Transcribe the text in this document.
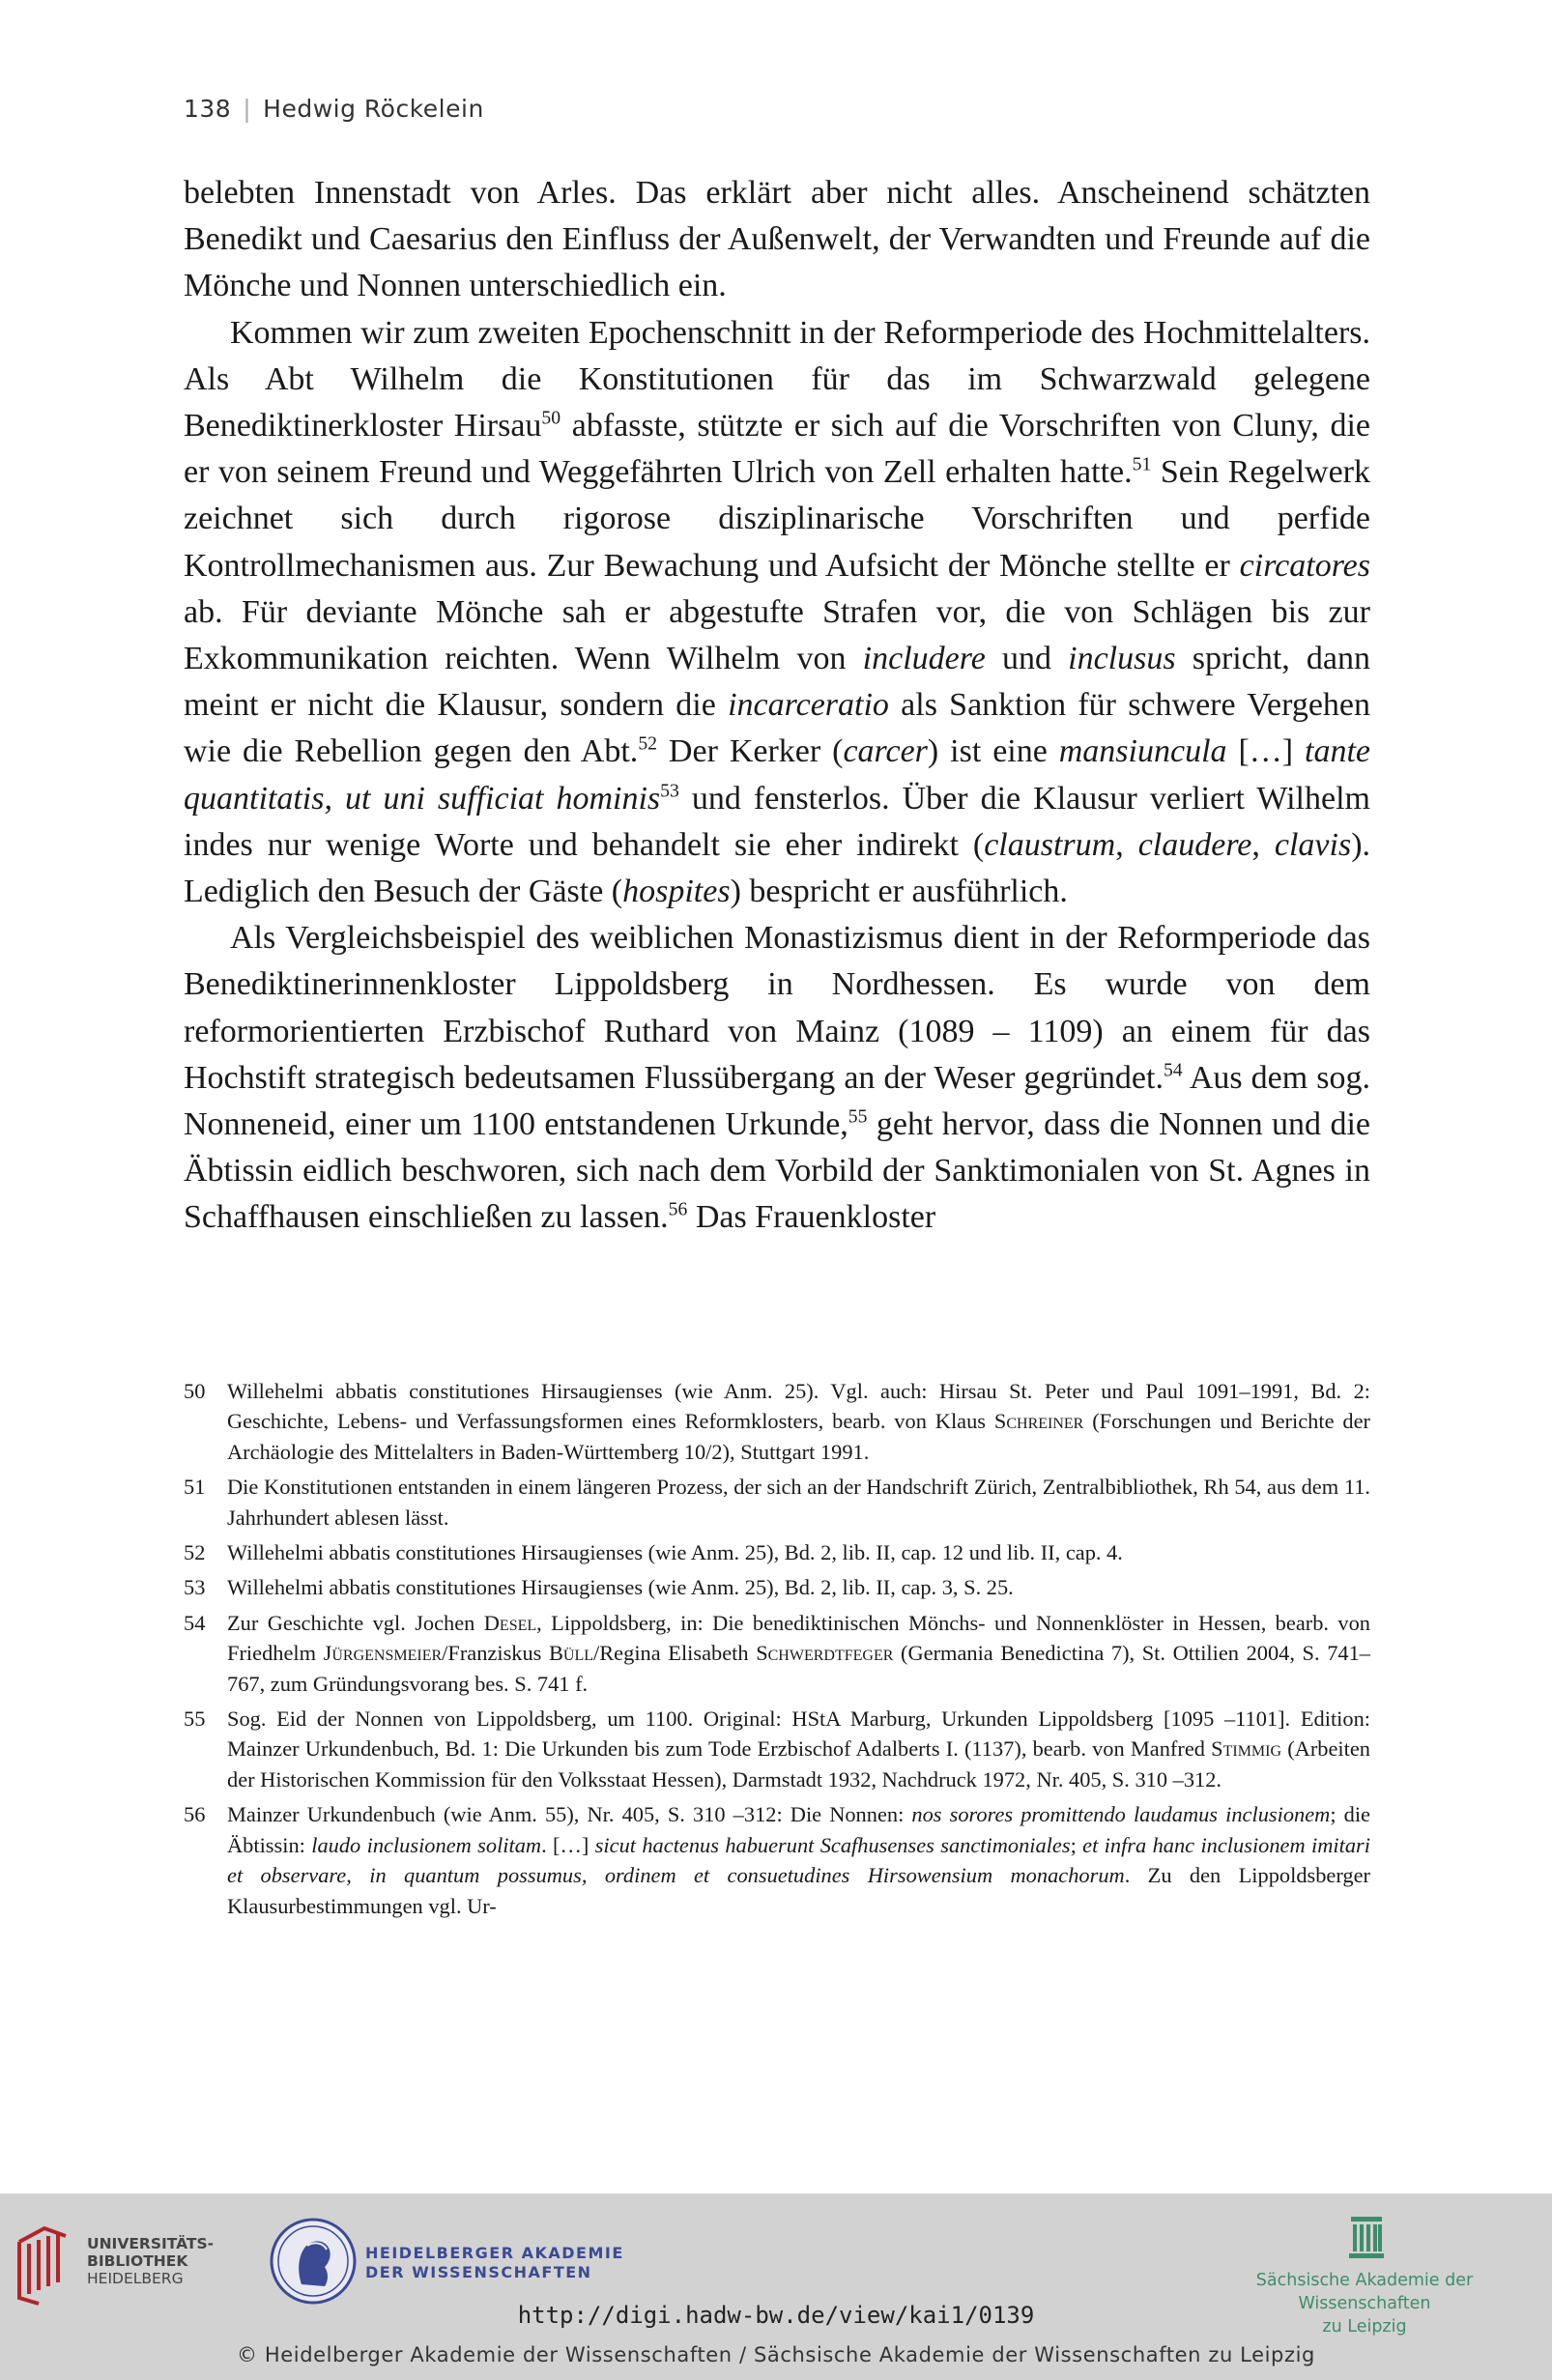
138 | Hedwig Röckelein

belebten Innenstadt von Arles. Das erklärt aber nicht alles. Anscheinend schätzten Benedikt und Caesarius den Einfluss der Außenwelt, der Verwandten und Freunde auf die Mönche und Nonnen unterschiedlich ein.

Kommen wir zum zweiten Epochenschnitt in der Reformperiode des Hochmittelalters. Als Abt Wilhelm die Konstitutionen für das im Schwarzwald gelegene Benediktinerkloster Hirsau$^{50}$ abfasste, stützte er sich auf die Vorschriften von Cluny, die er von seinem Freund und Weggefährten Ulrich von Zell erhalten hatte.$^{51}$ Sein Regelwerk zeichnet sich durch rigorose disziplinarische Vorschriften und perfide Kontrollmechanismen aus. Zur Bewachung und Aufsicht der Mönche stellte er circatores ab. Für deviante Mönche sah er abgestufte Strafen vor, die von Schlägen bis zur Exkommunikation reichten. Wenn Wilhelm von includere und inclusus spricht, dann meint er nicht die Klausur, sondern die incarceratio als Sanktion für schwere Vergehen wie die Rebellion gegen den Abt.$^{52}$ Der Kerker (carcer) ist eine mansiuncula […] tante quantitatis, ut uni sufficiat hominis$^{53}$ und fensterlos. Über die Klausur verliert Wilhelm indes nur wenige Worte und behandelt sie eher indirekt (claustrum, claudere, clavis). Lediglich den Besuch der Gäste (hospites) bespricht er ausführlich.

Als Vergleichsbeispiel des weiblichen Monastizismus dient in der Reformperiode das Benediktinerinnenkloster Lippoldsberg in Nordhessen. Es wurde von dem reformorientierten Erzbischof Ruthard von Mainz (1089 – 1109) an einem für das Hochstift strategisch bedeutsamen Flussübergang an der Weser gegründet.$^{54}$ Aus dem sog. Nonneneid, einer um 1100 entstandenen Urkunde,$^{55}$ geht hervor, dass die Nonnen und die Äbtissin eidlich beschworen, sich nach dem Vorbild der Sanktimonialen von St. Agnes in Schaffhausen einschließen zu lassen.$^{56}$ Das Frauenkloster

50	Willehelmi abbatis constitutiones Hirsaugienses (wie Anm. 25). Vgl. auch: Hirsau St. Peter und Paul 1091–1991, Bd. 2: Geschichte, Lebens- und Verfassungsformen eines Reformklosters, bearb. von Klaus Schreiner (Forschungen und Berichte der Archäologie des Mittelalters in Baden-Württemberg 10/2), Stuttgart 1991.
51	Die Konstitutionen entstanden in einem längeren Prozess, der sich an der Handschrift Zürich, Zentralbibliothek, Rh 54, aus dem 11. Jahrhundert ablesen lässt.
52	Willehelmi abbatis constitutiones Hirsaugienses (wie Anm. 25), Bd. 2, lib. II, cap. 12 und lib. II, cap. 4.
53	Willehelmi abbatis constitutiones Hirsaugienses (wie Anm. 25), Bd. 2, lib. II, cap. 3, S. 25.
54	Zur Geschichte vgl. Jochen Desel, Lippoldsberg, in: Die benediktinischen Mönchs- und Nonnenklöster in Hessen, bearb. von Friedhelm Jürgensmeier/Franziskus Büll/Regina Elisabeth Schwerdtfeger (Germania Benedictina 7), St. Ottilien 2004, S. 741–767, zum Gründungsvorang bes. S. 741 f.
55	Sog. Eid der Nonnen von Lippoldsberg, um 1100. Original: HStA Marburg, Urkunden Lippoldsberg [1095 –1101]. Edition: Mainzer Urkundenbuch, Bd. 1: Die Urkunden bis zum Tode Erzbischof Adalberts I. (1137), bearb. von Manfred Stimmig (Arbeiten der Historischen Kommission für den Volksstaat Hessen), Darmstadt 1932, Nachdruck 1972, Nr. 405, S. 310 –312.
56	Mainzer Urkundenbuch (wie Anm. 55), Nr. 405, S. 310 –312: Die Nonnen: nos sorores promittendo laudamus inclusionem; die Äbtissin: laudo inclusionem solitam. […] sicut hactenus habuerunt Scafhusenses sanctimoniales; et infra hanc inclusionem imitari et observare, in quantum possumus, ordinem et consuetudines Hirsowensium monachorum. Zu den Lippoldsberger Klausurbestimmungen vgl. Ur-
UNIVERSITÄTS-
BIBLIOTHEK
HEIDELBERG
HEIDELBERGER AKADEMIE
DER WISSENSCHAFTEN	Sächsische Akademie der Wissenschaften
zu Leipzig
http://digi.hadw-bw.de/view/kai1/0139
© Heidelberger Akademie der Wissenschaften / Sächsische Akademie der Wissenschaften zu Leipzig
